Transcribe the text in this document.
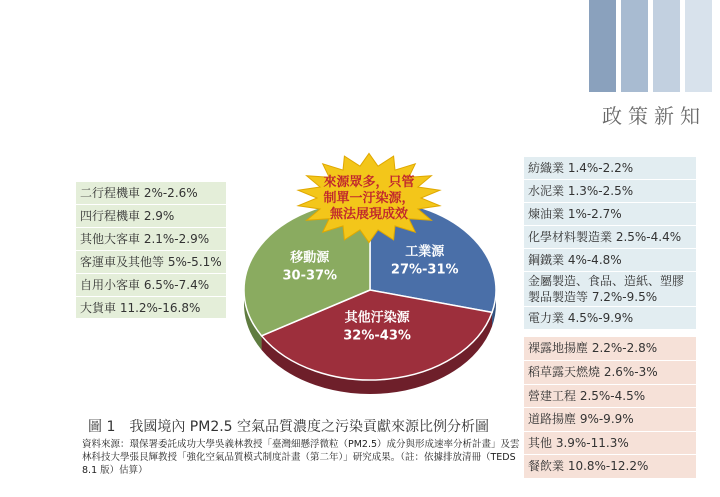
政策新知
二行程機車 2%-2.6%
四行程機車 2.9%
其他大客車 2.1%-2.9%
客運車及其他等 5%-5.1%
自用小客車 6.5%-7.4%
大貨車 11.2%-16.8%
紡織業 1.4%-2.2%
水泥業 1.3%-2.5%
煉油業 1%-2.7%
化學材料製造業 2.5%-4.4%
鋼鐵業 4%-4.8%
金屬製造、食品、造紙、塑膠
製品製造等 7.2%-9.5%
電力業 4.5%-9.9%
裸露地揚塵 2.2%-2.8%
稻草露天燃燒 2.6%-3%
營建工程 2.5%-4.5%
道路揚塵 9%-9.9%
其他 3.9%-11.3%
餐飲業 10.8%-12.2%
來源眾多，只管
制單一汙染源，
無法展現成效
工業源
27%-31%
其他汙染源
32%-43%
移動源
30-37%
圖 1　我國境內 PM2.5 空氣品質濃度之污染貢獻來源比例分析圖
資料來源：環保署委託成功大學吳義林教授「臺灣細懸浮微粒（PM2.5）成分與形成速率分析計畫」及雲林科技大學張艮輝教授「強化空氣品質模式制度計畫（第二年）」研究成果。（註：依據排放清冊（TEDS 8.1 版）估算）
